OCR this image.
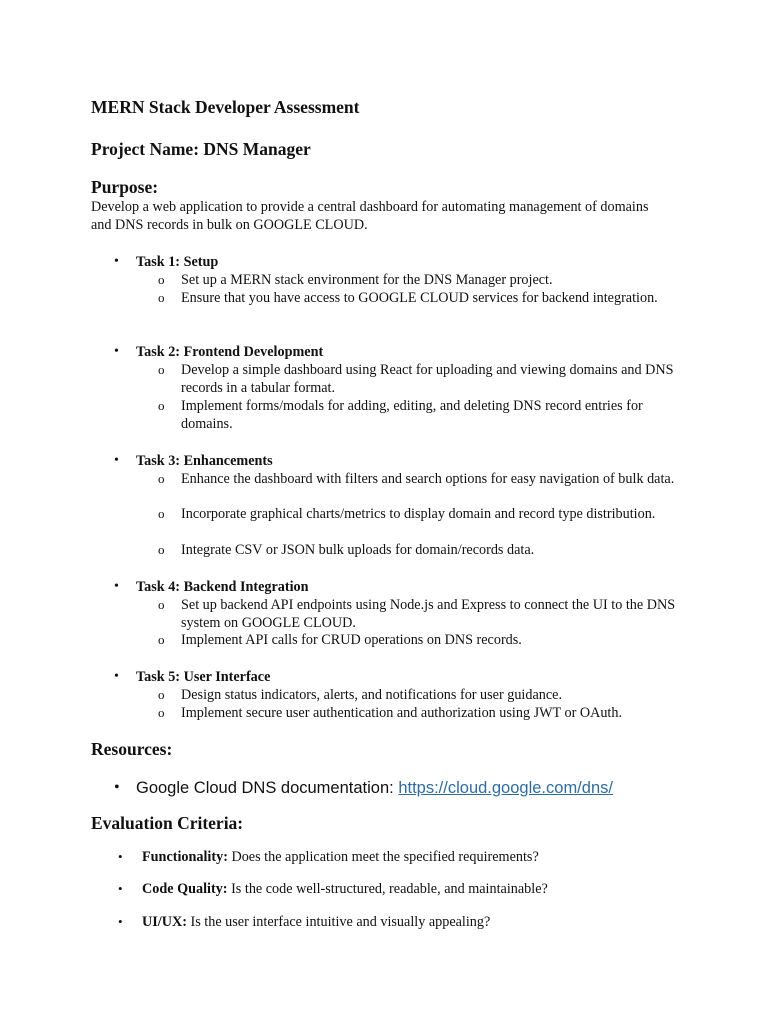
MERN Stack Developer Assessment
Project Name: DNS Manager
Purpose:
Develop a web application to provide a central dashboard for automating management of domains and DNS records in bulk on GOOGLE CLOUD.
• Task 1: Setup
o Set up a MERN stack environment for the DNS Manager project.
o Ensure that you have access to GOOGLE CLOUD services for backend integration.
• Task 2: Frontend Development
o Develop a simple dashboard using React for uploading and viewing domains and DNS records in a tabular format.
o Implement forms/modals for adding, editing, and deleting DNS record entries for domains.
• Task 3: Enhancements
o Enhance the dashboard with filters and search options for easy navigation of bulk data.
o Incorporate graphical charts/metrics to display domain and record type distribution.
o Integrate CSV or JSON bulk uploads for domain/records data.
• Task 4: Backend Integration
o Set up backend API endpoints using Node.js and Express to connect the UI to the DNS system on GOOGLE CLOUD.
o Implement API calls for CRUD operations on DNS records.
• Task 5: User Interface
o Design status indicators, alerts, and notifications for user guidance.
o Implement secure user authentication and authorization using JWT or OAuth.
Resources:
• Google Cloud DNS documentation: https://cloud.google.com/dns/
Evaluation Criteria:
• Functionality: Does the application meet the specified requirements?
• Code Quality: Is the code well-structured, readable, and maintainable?
• UI/UX: Is the user interface intuitive and visually appealing?
